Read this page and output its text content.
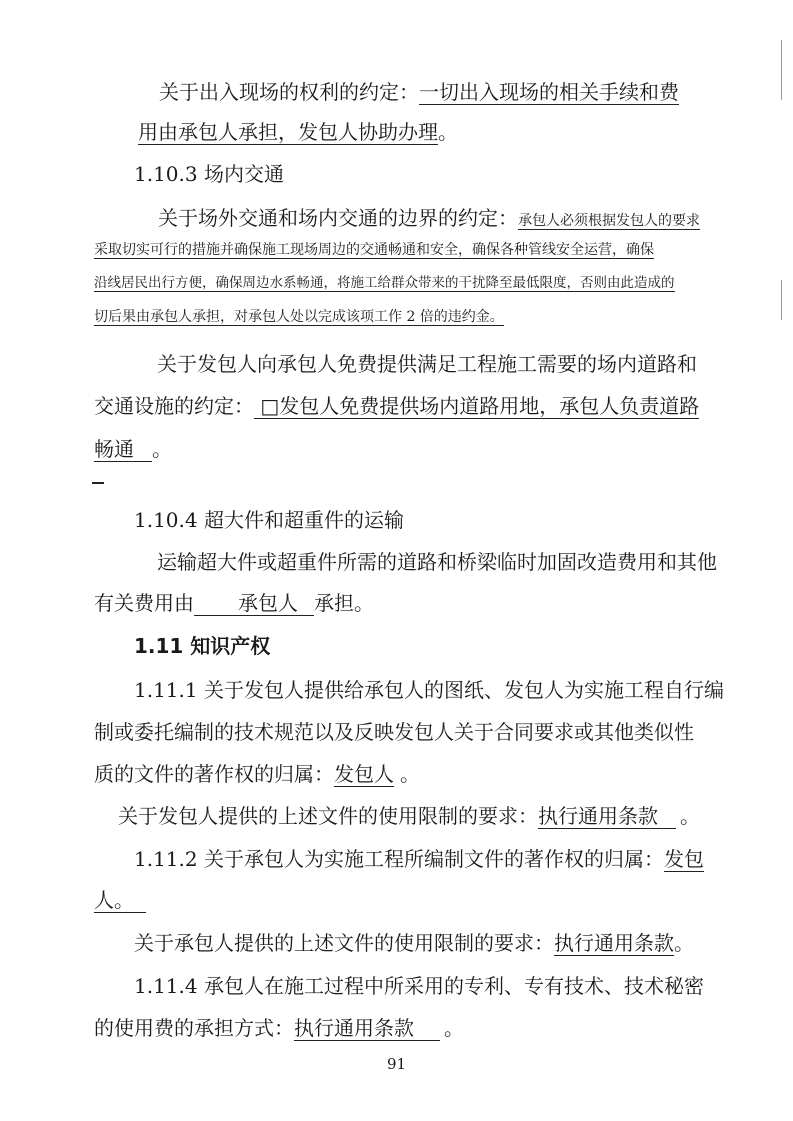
关于出入现场的权利的约定：一切出入现场的相关手续和费
用由承包人承担，发包人协助办理。
1.10.3 场内交通
关于场外交通和场内交通的边界的约定：承包人必须根据发包人的要求
采取切实可行的措施并确保施工现场周边的交通畅通和安全，确保各种管线安全运营，确保
沿线居民出行方便，确保周边水系畅通，将施工给群众带来的干扰降至最低限度，否则由此造成的
切后果由承包人承担，对承包人处以完成该项工作 2 倍的违约金。
关于发包人向承包人免费提供满足工程施工需要的场内道路和
交通设施的约定： □发包人免费提供场内道路用地，承包人负责道路
畅通 。
1.10.4 超大件和超重件的运输
运输超大件或超重件所需的道路和桥梁临时加固改造费用和其他
有关费用由 承包人 承担。
1.11 知识产权
1.11.1 关于发包人提供给承包人的图纸、发包人为实施工程自行编
制或委托编制的技术规范以及反映发包人关于合同要求或其他类似性
质的文件的著作权的归属：发包人 。
关于发包人提供的上述文件的使用限制的要求：执行通用条款 。
1.11.2 关于承包人为实施工程所编制文件的著作权的归属：发包
人。
关于承包人提供的上述文件的使用限制的要求：执行通用条款。
1.11.4 承包人在施工过程中所采用的专利、专有技术、技术秘密
的使用费的承担方式：执行通用条款 。
91
